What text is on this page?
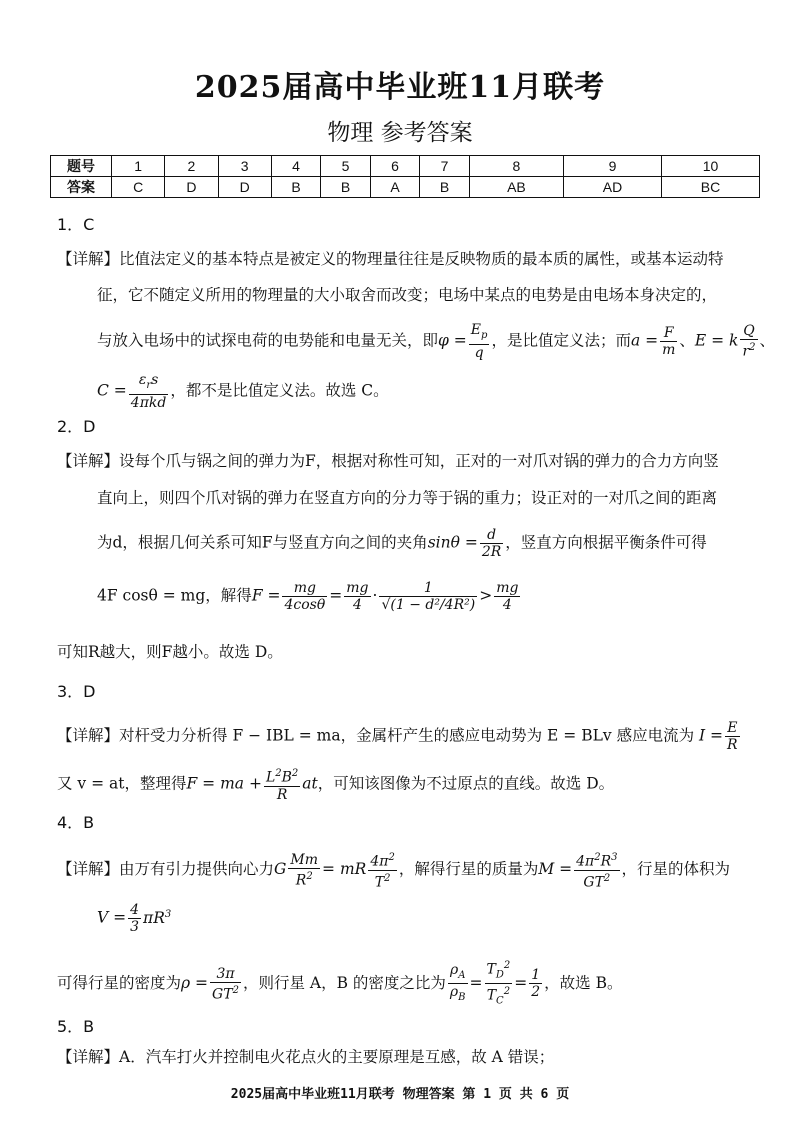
2025届高中毕业班11月联考
物理 参考答案
题号	1	2	3	4	5	6	7	8	9	10
答案	C	D	D	B	B	A	B	AB	AD	BC
1．C
【详解】比值法定义的基本特点是被定义的物理量往往是反映物质的最本质的属性，或基本运动特
征，它不随定义所用的物理量的大小取舍而改变；电场中某点的电势是由电场本身决定的，
与放入电场中的试探电荷的电势能和电量无关，即$\varphi = \frac{E_p}{q}$ ，是比值定义法；而$a = \frac{F}{m}$ 、E = k $\frac{Q}{r^2}$ 、
$C = \frac{\varepsilon_rs}{\text{4πkd}}$ ，都不是比值定义法。故选 C。
2．D
【详解】设每个爪与锅之间的弹力为F，根据对称性可知，正对的一对爪对锅的弹力的合力方向竖
直向上，则四个爪对锅的弹力在竖直方向的分力等于锅的重力；设正对的一对爪之间的距离
为d，根据几何关系可知F与竖直方向之间的夹角$\sin\theta = \frac{d}{2R}$ ，竖直方向根据平衡条件可得
4F cosθ = mg，解得$F = \frac{mg}{4\cos\theta} = \frac{mg}{4} \cdot \frac{1}{\text{√(1 − d²/4R²)}} > \frac{mg}{4}$
可知R越大，则F越小。故选 D。
3．D
【详解】对杆受力分析得 F − IBL = ma，金属杆产生的感应电动势为 E = BLv 感应电流为 $I = \frac{E}{R}$
又 v = at，整理得F = ma + $\frac{L^2B^2}{R}$ at，可知该图像为不过原点的直线。故选 D。
4．B
【详解】由万有引力提供向心力G $\frac{Mm}{R^2}$ = mR $\frac{4\pi^2}{T^2}$ ，解得行星的质量为$M = \frac{4\pi^2R^3}{GT^2}$ ，行星的体积为
$V = \frac{4}{3} \pi R^3$
可得行星的密度为$\rho = \frac{3\pi}{GT^2}$ ，则行星 A，B 的密度之比为 $\frac{\rho_A}{\rho_B} = \frac{T_D^2}{T_C^2} = \frac{1}{2}$ ，故选 B。
5．B
【详解】A．汽车打火并控制电火花点火的主要原理是互感，故 A 错误；
2025届高中毕业班11月联考 物理答案 第 1 页 共 6 页
